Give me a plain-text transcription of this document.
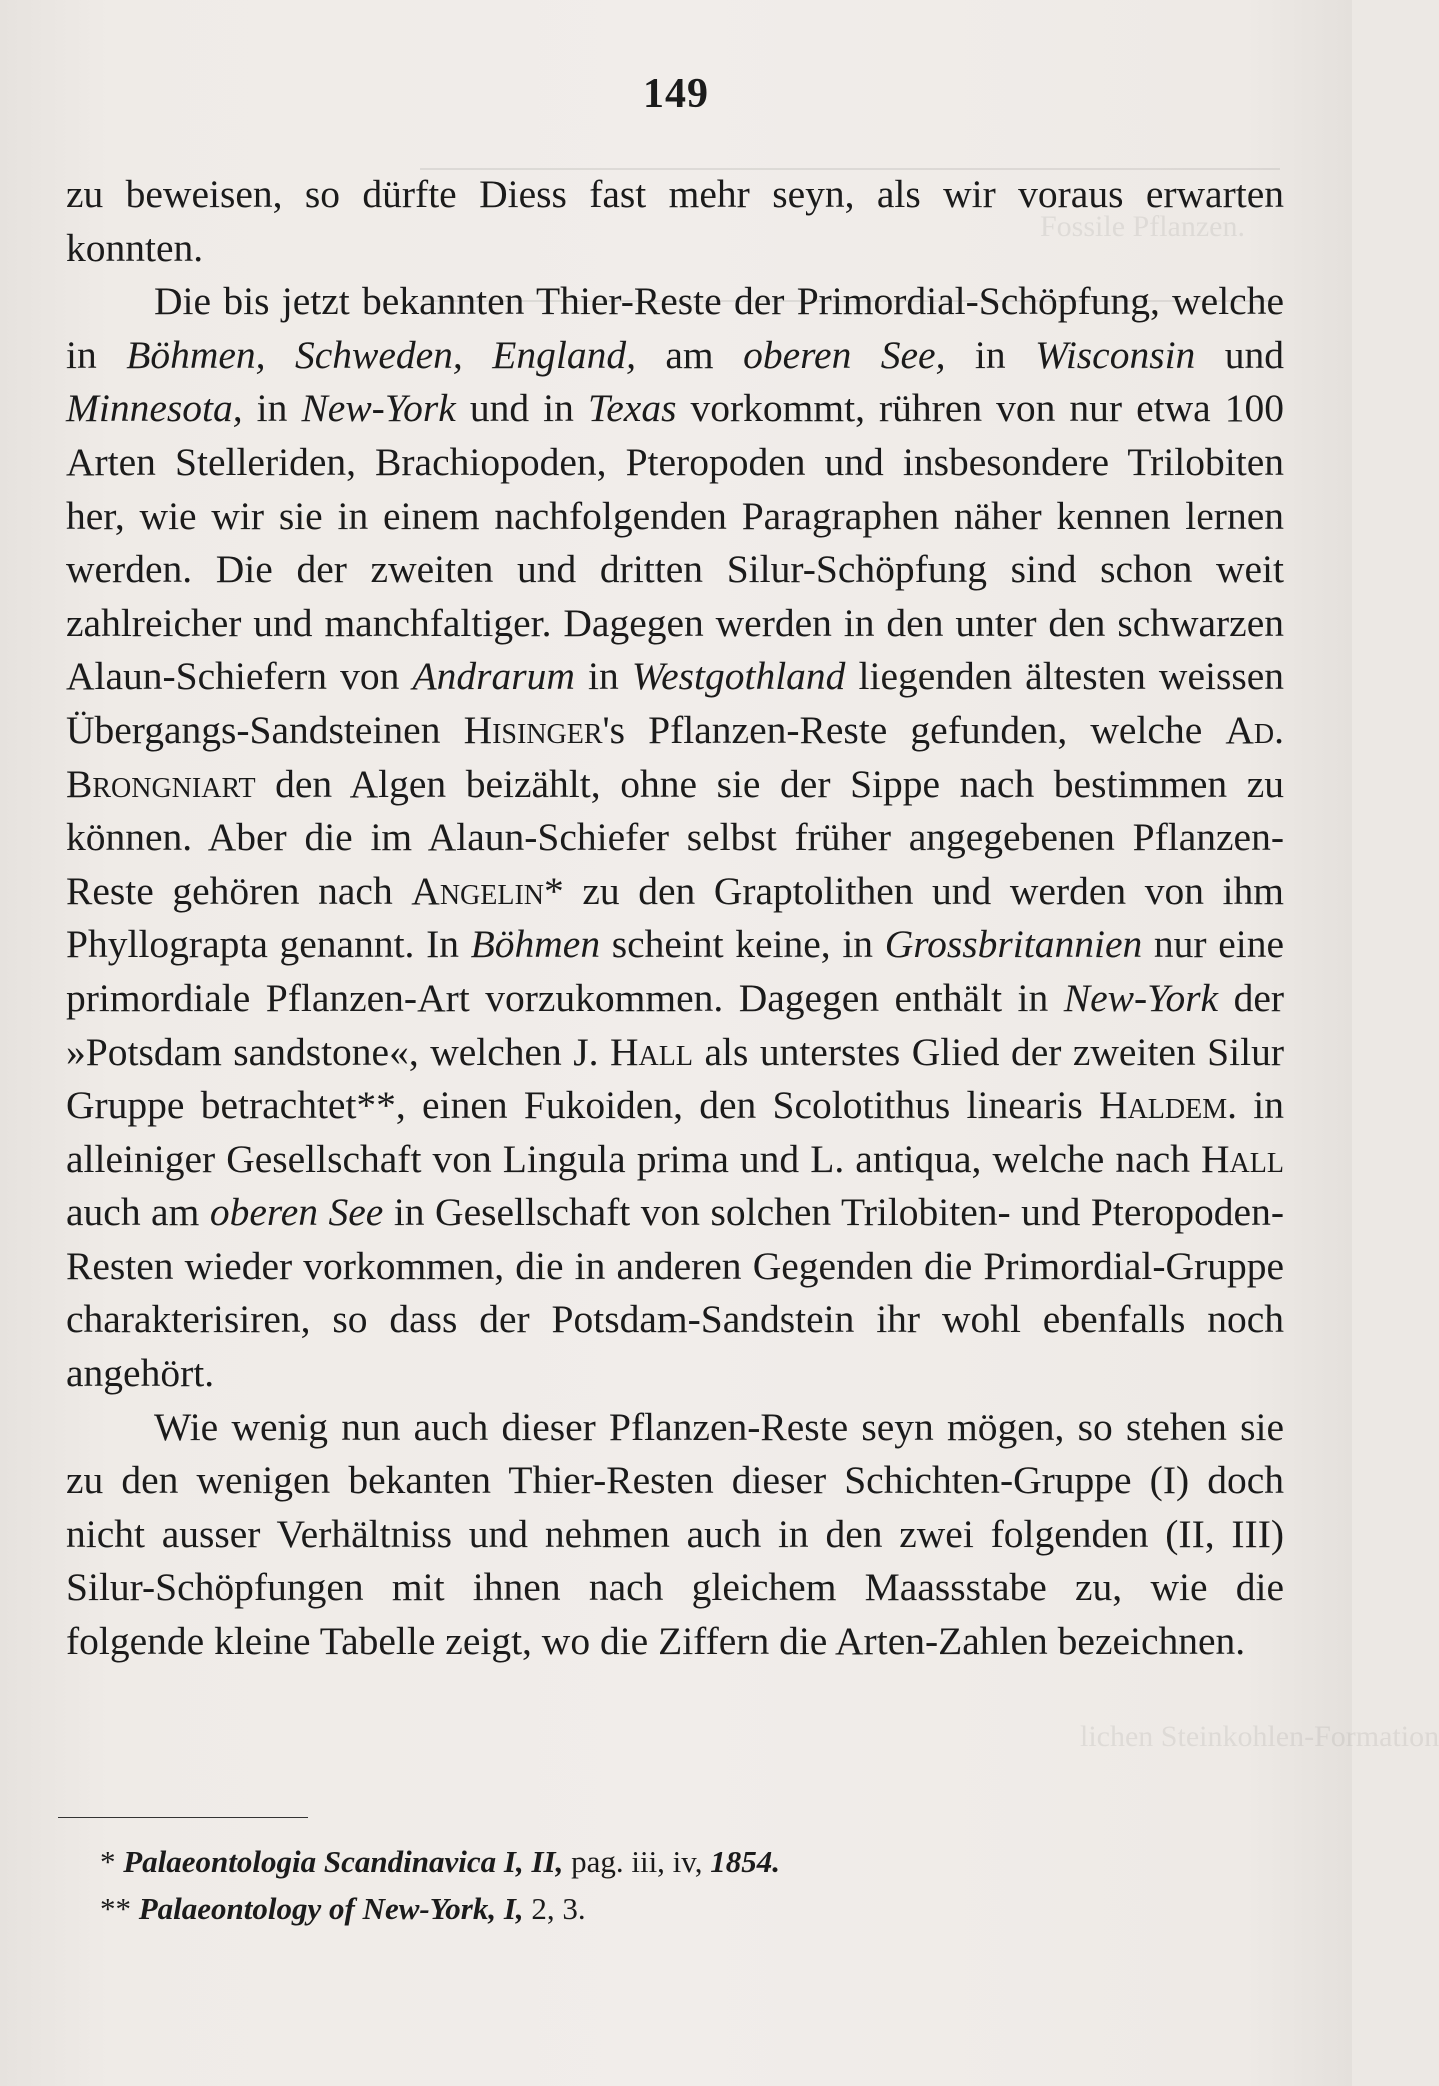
Fossile Pflanzen.
lichen Steinkohlen-Formation
149

zu beweisen, so dürfte Diess fast mehr seyn, als wir voraus erwarten konnten.

Die bis jetzt bekannten Thier-Reste der Primordial-Schöpfung, welche in Böhmen, Schweden, England, am oberen See, in Wisconsin und Minnesota, in New-York und in Texas vorkommt, rühren von nur etwa 100 Arten Stelleriden, Brachiopoden, Pteropoden und insbesondere Trilobiten her, wie wir sie in einem nachfolgenden Paragraphen näher kennen lernen werden. Die der zweiten und dritten Silur-Schöpfung sind schon weit zahlreicher und manchfaltiger. Dagegen werden in den unter den schwarzen Alaun-Schiefern von Andrarum in Westgothland liegenden ältesten weissen Übergangs-Sandsteinen Hisinger's Pflanzen-Reste gefunden, welche Ad. Brongniart den Algen beizählt, ohne sie der Sippe nach bestimmen zu können. Aber die im Alaun-Schiefer selbst früher angegebenen Pflanzen-Reste gehören nach Angelin* zu den Graptolithen und werden von ihm Phyllograpta genannt. In Böhmen scheint keine, in Grossbritannien nur eine primordiale Pflanzen-Art vorzukommen. Dagegen enthält in New-York der »Potsdam sandstone«, welchen J. Hall als unterstes Glied der zweiten Silur Gruppe betrachtet**, einen Fukoiden, den Scolotithus linearis Haldem. in alleiniger Gesellschaft von Lingula prima und L. antiqua, welche nach Hall auch am oberen See in Gesellschaft von solchen Trilobiten- und Pteropoden-Resten wieder vorkommen, die in anderen Gegenden die Primordial-Gruppe charakterisiren, so dass der Potsdam-Sandstein ihr wohl ebenfalls noch angehört.

Wie wenig nun auch dieser Pflanzen-Reste seyn mögen, so stehen sie zu den wenigen bekanten Thier-Resten dieser Schichten-Gruppe (I) doch nicht ausser Verhältniss und nehmen auch in den zwei folgenden (II, III) Silur-Schöpfungen mit ihnen nach gleichem Maassstabe zu, wie die folgende kleine Tabelle zeigt, wo die Ziffern die Arten-Zahlen bezeichnen.

* Palaeontologia Scandinavica I, II, pag. iii, iv, 1854.
** Palaeontology of New-York, I, 2, 3.
